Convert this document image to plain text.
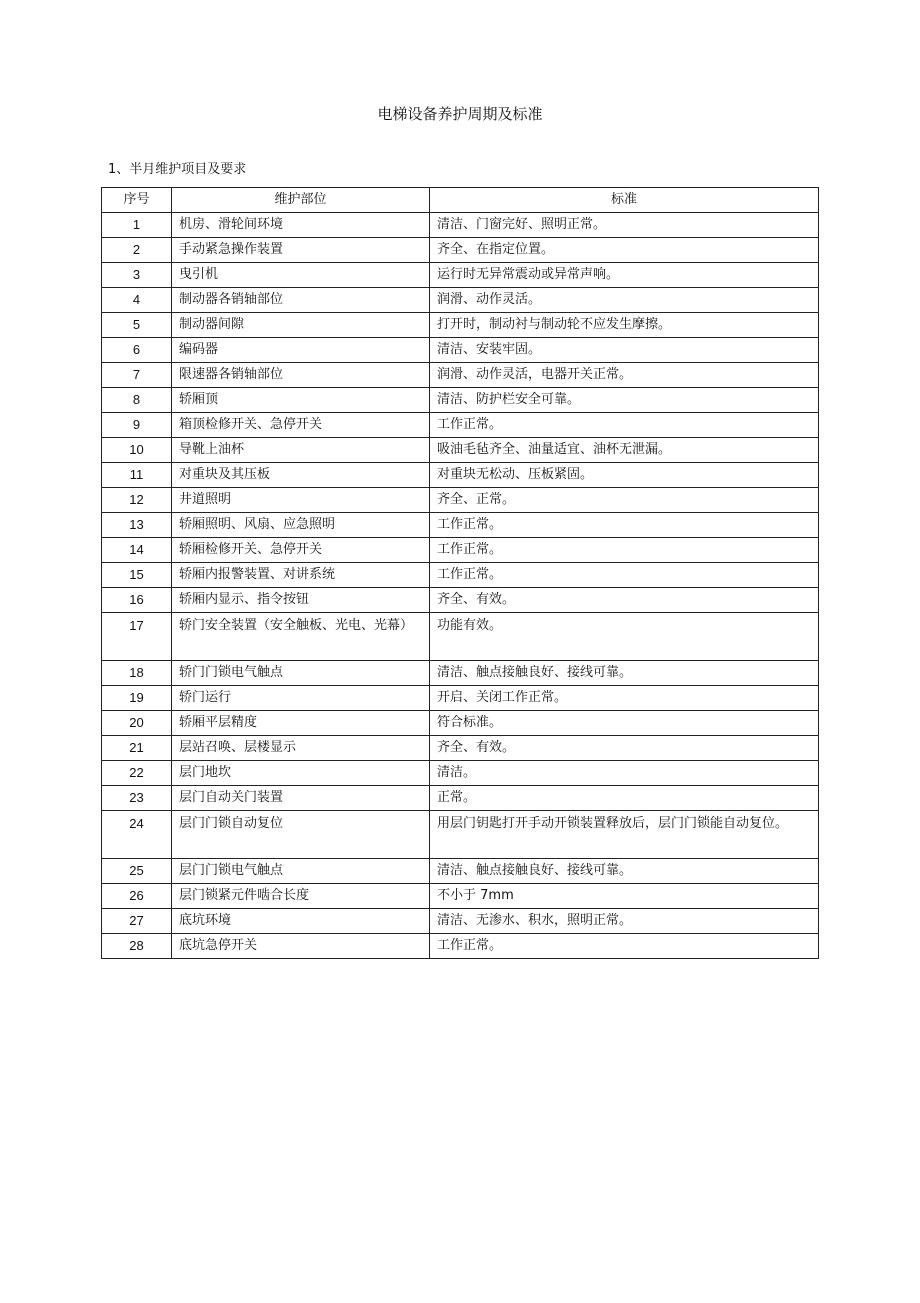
电梯设备养护周期及标准
1、半月维护项目及要求
序号	维护部位	标准
1	机房、滑轮间环境	清洁、门窗完好、照明正常。
2	手动紧急操作装置	齐全、在指定位置。
3	曳引机	运行时无异常震动或异常声响。
4	制动器各销轴部位	润滑、动作灵活。
5	制动器间隙	打开时，制动衬与制动轮不应发生摩擦。
6	编码器	清洁、安装牢固。
7	限速器各销轴部位	润滑、动作灵活，电器开关正常。
8	轿厢顶	清洁、防护栏安全可靠。
9	箱顶检修开关、急停开关	工作正常。
10	导靴上油杯	吸油毛毡齐全、油量适宜、油杯无泄漏。
11	对重块及其压板	对重块无松动、压板紧固。
12	井道照明	齐全、正常。
13	轿厢照明、风扇、应急照明	工作正常。
14	轿厢检修开关、急停开关	工作正常。
15	轿厢内报警装置、对讲系统	工作正常。
16	轿厢内显示、指令按钮	齐全、有效。
17	轿门安全装置（安全触板、光电、光幕）	功能有效。
18	轿门门锁电气触点	清洁、触点接触良好、接线可靠。
19	轿门运行	开启、关闭工作正常。
20	轿厢平层精度	符合标准。
21	层站召唤、层楼显示	齐全、有效。
22	层门地坎	清洁。
23	层门自动关门装置	正常。
24	层门门锁自动复位	用层门钥匙打开手动开锁装置释放后，层门门锁能自动复位。
25	层门门锁电气触点	清洁、触点接触良好、接线可靠。
26	层门锁紧元件啮合长度	不小于 7mm
27	底坑环境	清洁、无渗水、积水，照明正常。
28	底坑急停开关	工作正常。
